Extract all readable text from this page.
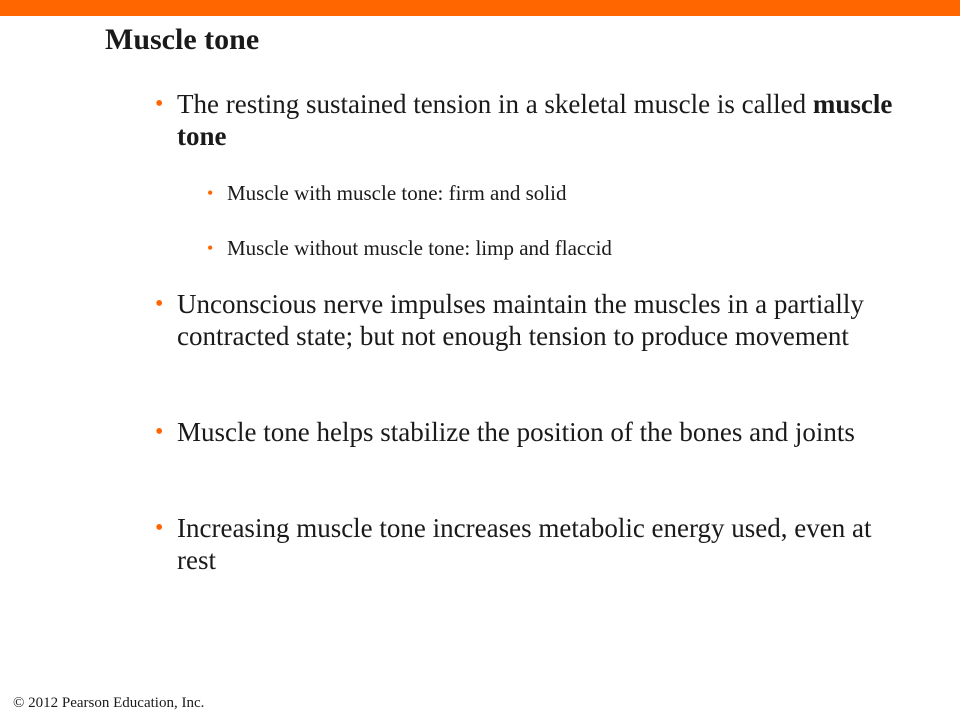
Muscle tone

• The resting sustained tension in a skeletal muscle is called muscle tone

• Muscle with muscle tone: firm and solid

• Muscle without muscle tone: limp and flaccid

• Unconscious nerve impulses maintain the muscles in a partially contracted state; but not enough tension to produce movement

• Muscle tone helps stabilize the position of the bones and joints

• Increasing muscle tone increases metabolic energy used, even at rest

© 2012 Pearson Education, Inc.
